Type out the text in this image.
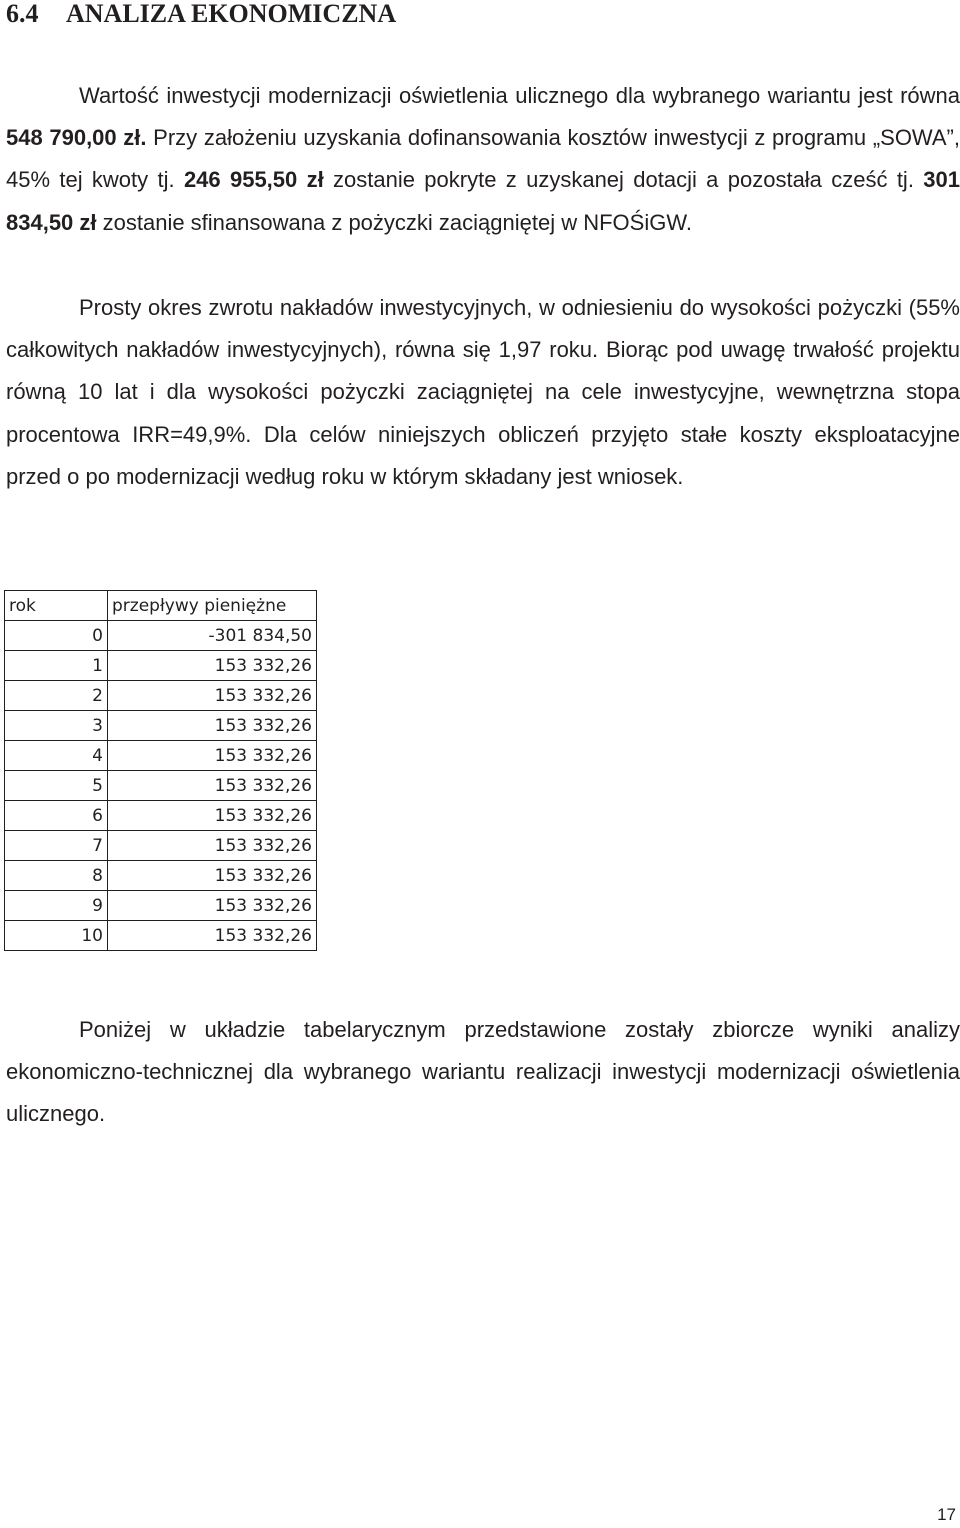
6.4 ANALIZA EKONOMICZNA

Wartość inwestycji modernizacji oświetlenia ulicznego dla wybranego wariantu jest równa 548 790,00 zł. Przy założeniu uzyskania dofinansowania kosztów inwestycji z programu „SOWA”, 45% tej kwoty tj. 246 955,50 zł zostanie pokryte z uzyskanej dotacji a pozostała cześć tj. 301 834,50 zł zostanie sfinansowana z pożyczki zaciągniętej w NFOŚiGW.

Prosty okres zwrotu nakładów inwestycyjnych, w odniesieniu do wysokości pożyczki (55% całkowitych nakładów inwestycyjnych), równa się 1,97 roku. Biorąc pod uwagę trwałość projektu równą 10 lat i dla wysokości pożyczki zaciągniętej na cele inwestycyjne, wewnętrzna stopa procentowa IRR=49,9%. Dla celów niniejszych obliczeń przyjęto stałe koszty eksploatacyjne przed o po modernizacji według roku w którym składany jest wniosek.

rok	przepływy pieniężne
0	-301 834,50
1	153 332,26
2	153 332,26
3	153 332,26
4	153 332,26
5	153 332,26
6	153 332,26
7	153 332,26
8	153 332,26
9	153 332,26
10	153 332,26

Poniżej w układzie tabelarycznym przedstawione zostały zbiorcze wyniki analizy ekonomiczno-technicznej dla wybranego wariantu realizacji inwestycji modernizacji oświetlenia ulicznego.

17
